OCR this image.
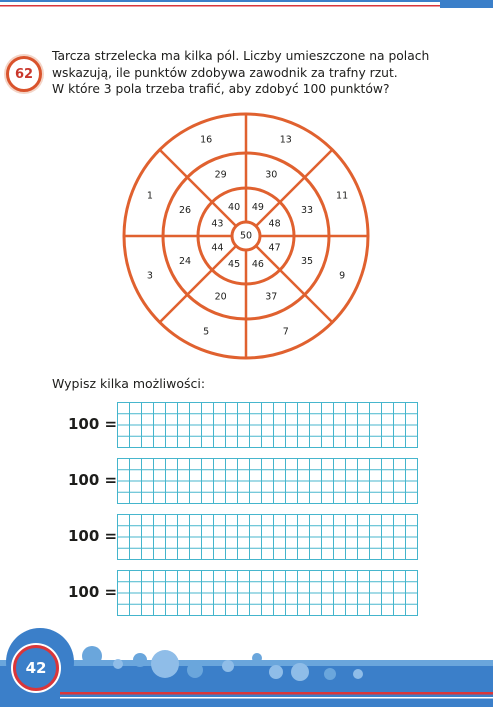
62

Tarcza strzelecka ma kilka pól. Liczby umieszczone na polach
wskazują, ile punktów zdobywa zawodnik za trafny rzut.
W które 3 pola trzeba trafić, aby zdobyć 100 punktów?

49
48
47
46
45
44
43
40
30
33
35
37
20
24
26
29
13
11
9
7
5
3
1
16
50
Wypisz kilka możliwości:
100 =
100 =
100 =
100 =
42
